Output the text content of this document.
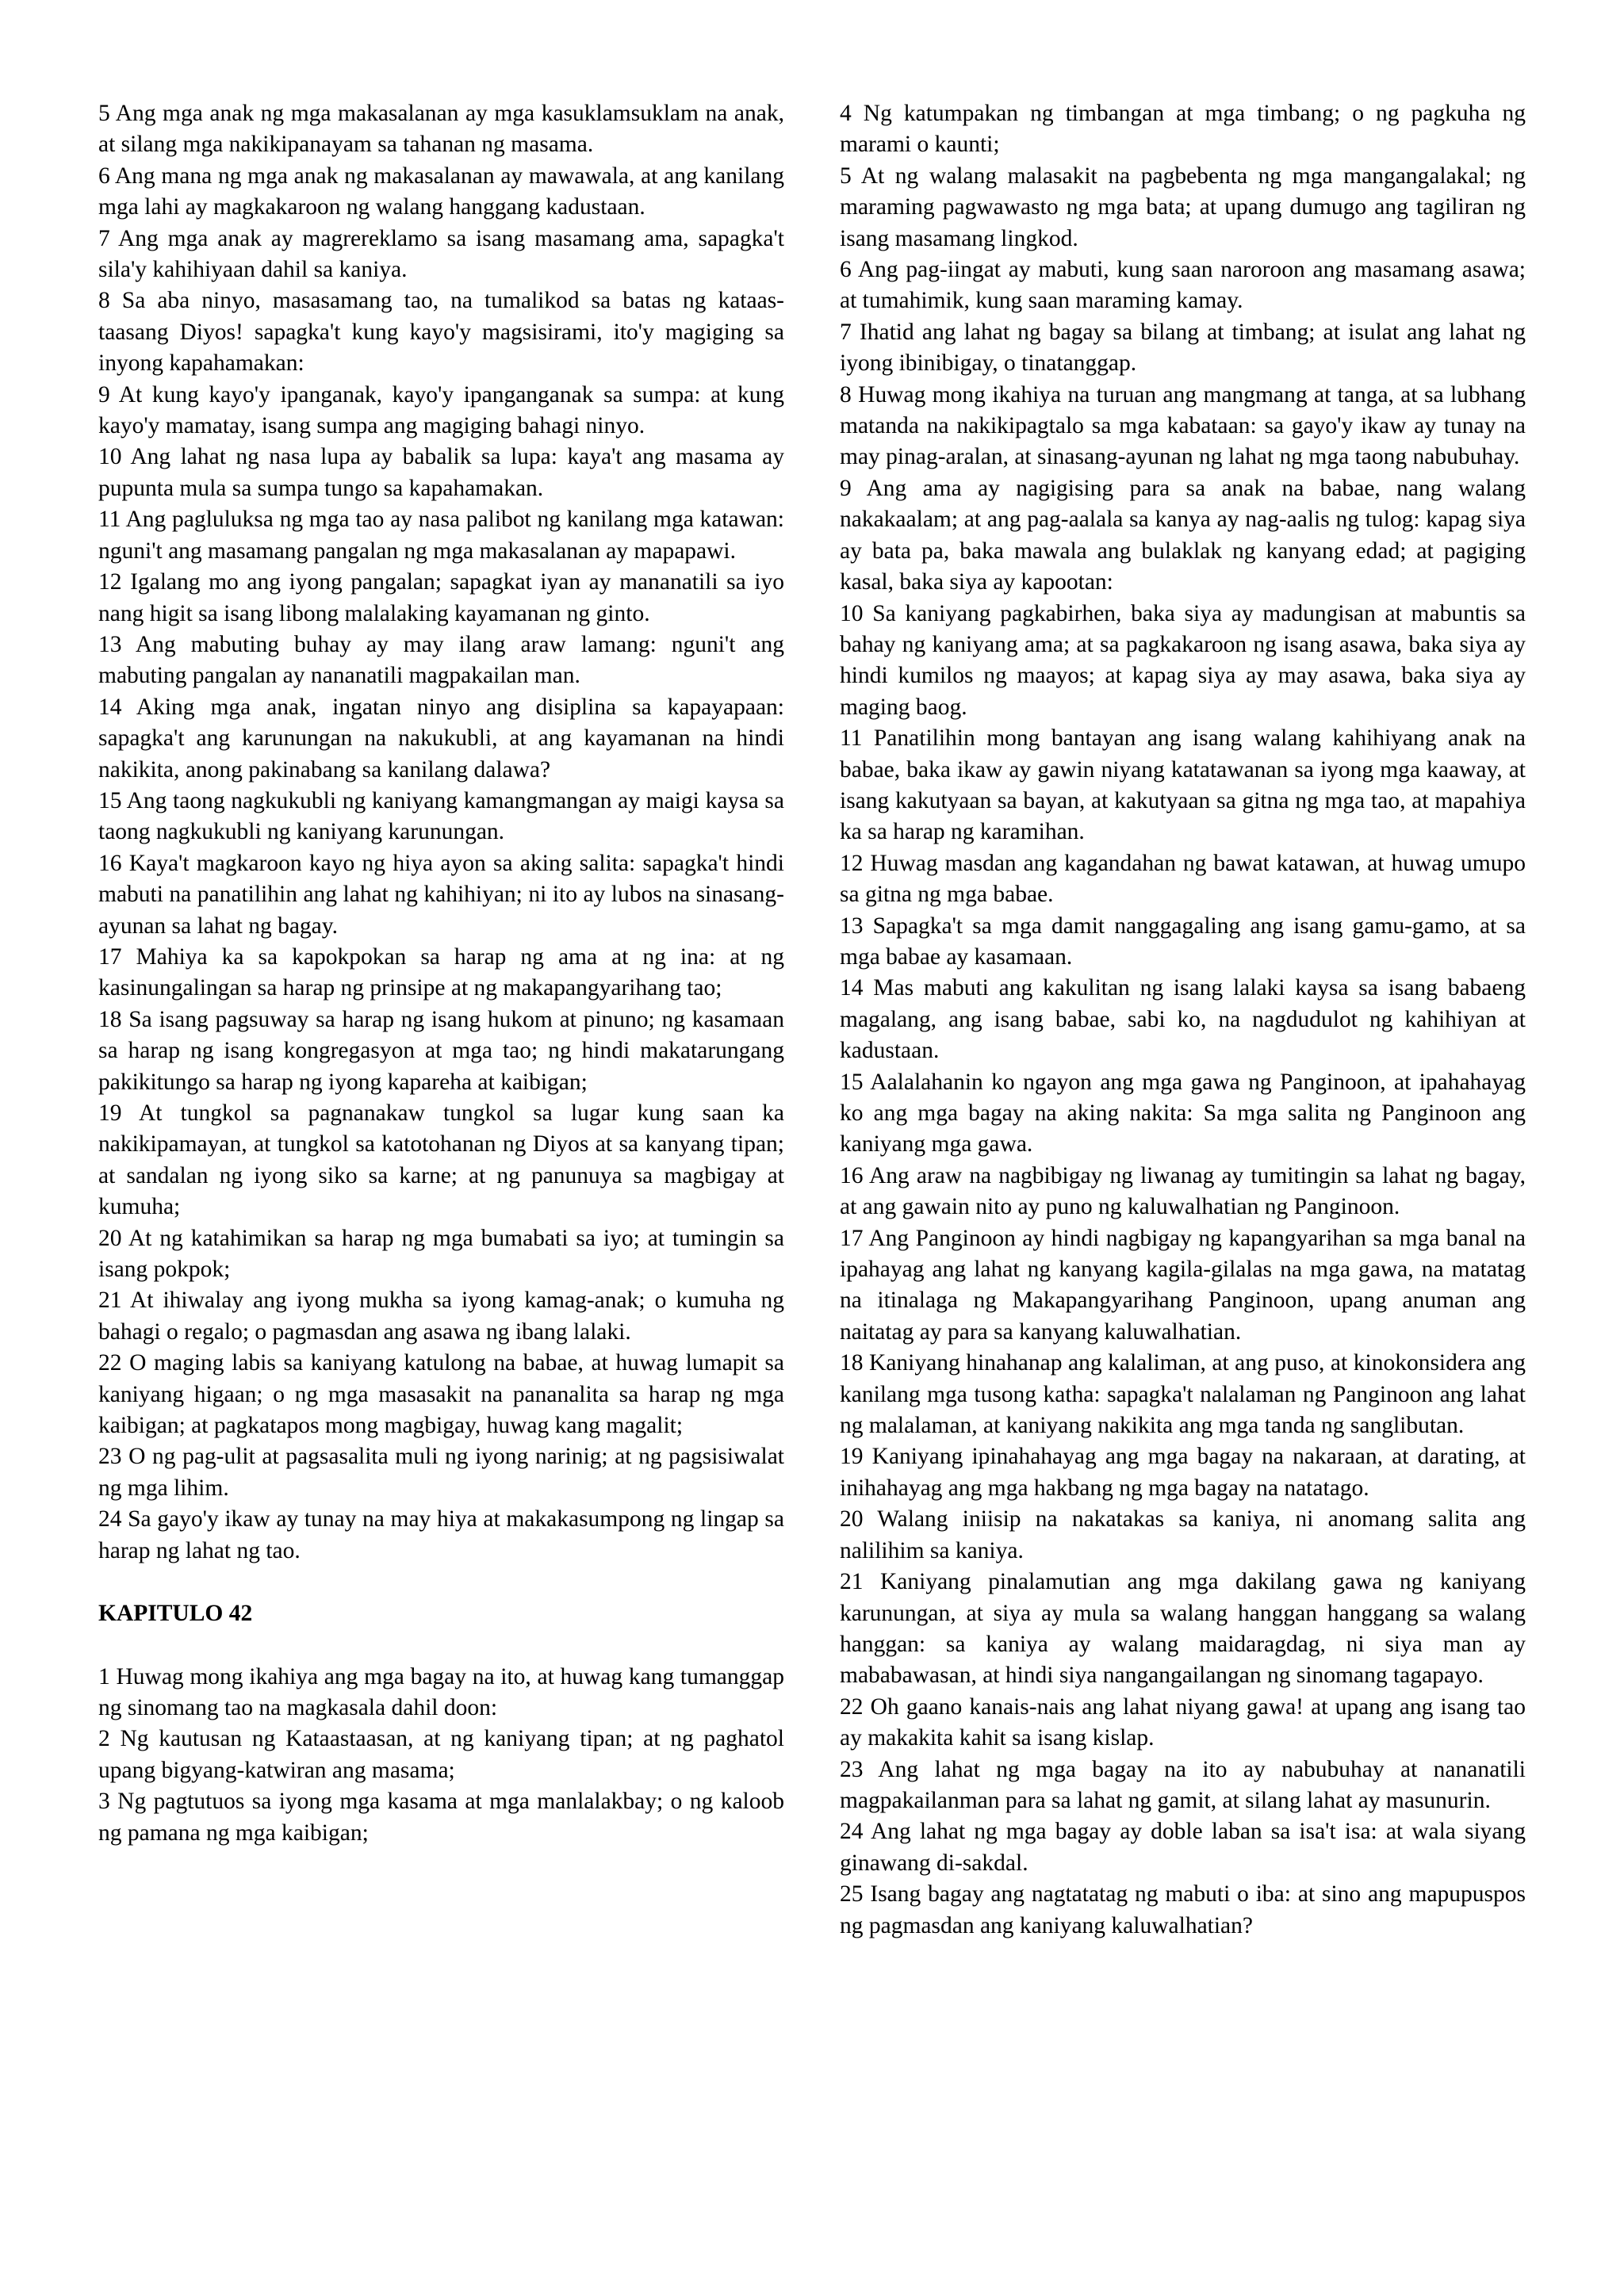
5 Ang mga anak ng mga makasalanan ay mga kasuklamsuklam na anak, at silang mga nakikipanayam sa tahanan ng masama.

6 Ang mana ng mga anak ng makasalanan ay mawawala, at ang kanilang mga lahi ay magkakaroon ng walang hanggang kadustaan.

7 Ang mga anak ay magrereklamo sa isang masamang ama, sapagka't sila'y kahihiyaan dahil sa kaniya.

8 Sa aba ninyo, masasamang tao, na tumalikod sa batas ng kataas-taasang Diyos! sapagka't kung kayo'y magsisirami, ito'y magiging sa inyong kapahamakan:

9 At kung kayo'y ipanganak, kayo'y ipanganganak sa sumpa: at kung kayo'y mamatay, isang sumpa ang magiging bahagi ninyo.

10 Ang lahat ng nasa lupa ay babalik sa lupa: kaya't ang masama ay pupunta mula sa sumpa tungo sa kapahamakan.

11 Ang pagluluksa ng mga tao ay nasa palibot ng kanilang mga katawan: nguni't ang masamang pangalan ng mga makasalanan ay mapapawi.

12 Igalang mo ang iyong pangalan; sapagkat iyan ay mananatili sa iyo nang higit sa isang libong malalaking kayamanan ng ginto.

13 Ang mabuting buhay ay may ilang araw lamang: nguni't ang mabuting pangalan ay nananatili magpakailan man.

14 Aking mga anak, ingatan ninyo ang disiplina sa kapayapaan: sapagka't ang karunungan na nakukubli, at ang kayamanan na hindi nakikita, anong pakinabang sa kanilang dalawa?

15 Ang taong nagkukubli ng kaniyang kamangmangan ay maigi kaysa sa taong nagkukubli ng kaniyang karunungan.

16 Kaya't magkaroon kayo ng hiya ayon sa aking salita: sapagka't hindi mabuti na panatilihin ang lahat ng kahihiyan; ni ito ay lubos na sinasang-ayunan sa lahat ng bagay.

17 Mahiya ka sa kapokpokan sa harap ng ama at ng ina: at ng kasinungalingan sa harap ng prinsipe at ng makapangyarihang tao;

18 Sa isang pagsuway sa harap ng isang hukom at pinuno; ng kasamaan sa harap ng isang kongregasyon at mga tao; ng hindi makatarungang pakikitungo sa harap ng iyong kapareha at kaibigan;

19 At tungkol sa pagnanakaw tungkol sa lugar kung saan ka nakikipamayan, at tungkol sa katotohanan ng Diyos at sa kanyang tipan; at sandalan ng iyong siko sa karne; at ng panunuya sa magbigay at kumuha;

20 At ng katahimikan sa harap ng mga bumabati sa iyo; at tumingin sa isang pokpok;

21 At ihiwalay ang iyong mukha sa iyong kamag-anak; o kumuha ng bahagi o regalo; o pagmasdan ang asawa ng ibang lalaki.

22 O maging labis sa kaniyang katulong na babae, at huwag lumapit sa kaniyang higaan; o ng mga masasakit na pananalita sa harap ng mga kaibigan; at pagkatapos mong magbigay, huwag kang magalit;

23 O ng pag-ulit at pagsasalita muli ng iyong narinig; at ng pagsisiwalat ng mga lihim.

24 Sa gayo'y ikaw ay tunay na may hiya at makakasumpong ng lingap sa harap ng lahat ng tao.

KAPITULO 42

1 Huwag mong ikahiya ang mga bagay na ito, at huwag kang tumanggap ng sinomang tao na magkasala dahil doon:

2 Ng kautusan ng Kataastaasan, at ng kaniyang tipan; at ng paghatol upang bigyang-katwiran ang masama;

3 Ng pagtutuos sa iyong mga kasama at mga manlalakbay; o ng kaloob ng pamana ng mga kaibigan;

4 Ng katumpakan ng timbangan at mga timbang; o ng pagkuha ng marami o kaunti;

5 At ng walang malasakit na pagbebenta ng mga mangangalakal; ng maraming pagwawasto ng mga bata; at upang dumugo ang tagiliran ng isang masamang lingkod.

6 Ang pag-iingat ay mabuti, kung saan naroroon ang masamang asawa; at tumahimik, kung saan maraming kamay.

7 Ihatid ang lahat ng bagay sa bilang at timbang; at isulat ang lahat ng iyong ibinibigay, o tinatanggap.

8 Huwag mong ikahiya na turuan ang mangmang at tanga, at sa lubhang matanda na nakikipagtalo sa mga kabataan: sa gayo'y ikaw ay tunay na may pinag-aralan, at sinasang-ayunan ng lahat ng mga taong nabubuhay.

9 Ang ama ay nagigising para sa anak na babae, nang walang nakakaalam; at ang pag-aalala sa kanya ay nag-aalis ng tulog: kapag siya ay bata pa, baka mawala ang bulaklak ng kanyang edad; at pagiging kasal, baka siya ay kapootan:

10 Sa kaniyang pagkabirhen, baka siya ay madungisan at mabuntis sa bahay ng kaniyang ama; at sa pagkakaroon ng isang asawa, baka siya ay hindi kumilos ng maayos; at kapag siya ay may asawa, baka siya ay maging baog.

11 Panatilihin mong bantayan ang isang walang kahihiyang anak na babae, baka ikaw ay gawin niyang katatawanan sa iyong mga kaaway, at isang kakutyaan sa bayan, at kakutyaan sa gitna ng mga tao, at mapahiya ka sa harap ng karamihan.

12 Huwag masdan ang kagandahan ng bawat katawan, at huwag umupo sa gitna ng mga babae.

13 Sapagka't sa mga damit nanggagaling ang isang gamu-gamo, at sa mga babae ay kasamaan.

14 Mas mabuti ang kakulitan ng isang lalaki kaysa sa isang babaeng magalang, ang isang babae, sabi ko, na nagdudulot ng kahihiyan at kadustaan.

15 Aalalahanin ko ngayon ang mga gawa ng Panginoon, at ipahahayag ko ang mga bagay na aking nakita: Sa mga salita ng Panginoon ang kaniyang mga gawa.

16 Ang araw na nagbibigay ng liwanag ay tumitingin sa lahat ng bagay, at ang gawain nito ay puno ng kaluwalhatian ng Panginoon.

17 Ang Panginoon ay hindi nagbigay ng kapangyarihan sa mga banal na ipahayag ang lahat ng kanyang kagila-gilalas na mga gawa, na matatag na itinalaga ng Makapangyarihang Panginoon, upang anuman ang naitatag ay para sa kanyang kaluwalhatian.

18 Kaniyang hinahanap ang kalaliman, at ang puso, at kinokonsidera ang kanilang mga tusong katha: sapagka't nalalaman ng Panginoon ang lahat ng malalaman, at kaniyang nakikita ang mga tanda ng sanglibutan.

19 Kaniyang ipinahahayag ang mga bagay na nakaraan, at darating, at inihahayag ang mga hakbang ng mga bagay na natatago.

20 Walang iniisip na nakatakas sa kaniya, ni anomang salita ang nalilihim sa kaniya.

21 Kaniyang pinalamutian ang mga dakilang gawa ng kaniyang karunungan, at siya ay mula sa walang hanggan hanggang sa walang hanggan: sa kaniya ay walang maidaragdag, ni siya man ay mababawasan, at hindi siya nangangailangan ng sinomang tagapayo.

22 Oh gaano kanais-nais ang lahat niyang gawa! at upang ang isang tao ay makakita kahit sa isang kislap.

23 Ang lahat ng mga bagay na ito ay nabubuhay at nananatili magpakailanman para sa lahat ng gamit, at silang lahat ay masunurin.

24 Ang lahat ng mga bagay ay doble laban sa isa't isa: at wala siyang ginawang di-sakdal.

25 Isang bagay ang nagtatatag ng mabuti o iba: at sino ang mapupuspos ng pagmasdan ang kaniyang kaluwalhatian?
